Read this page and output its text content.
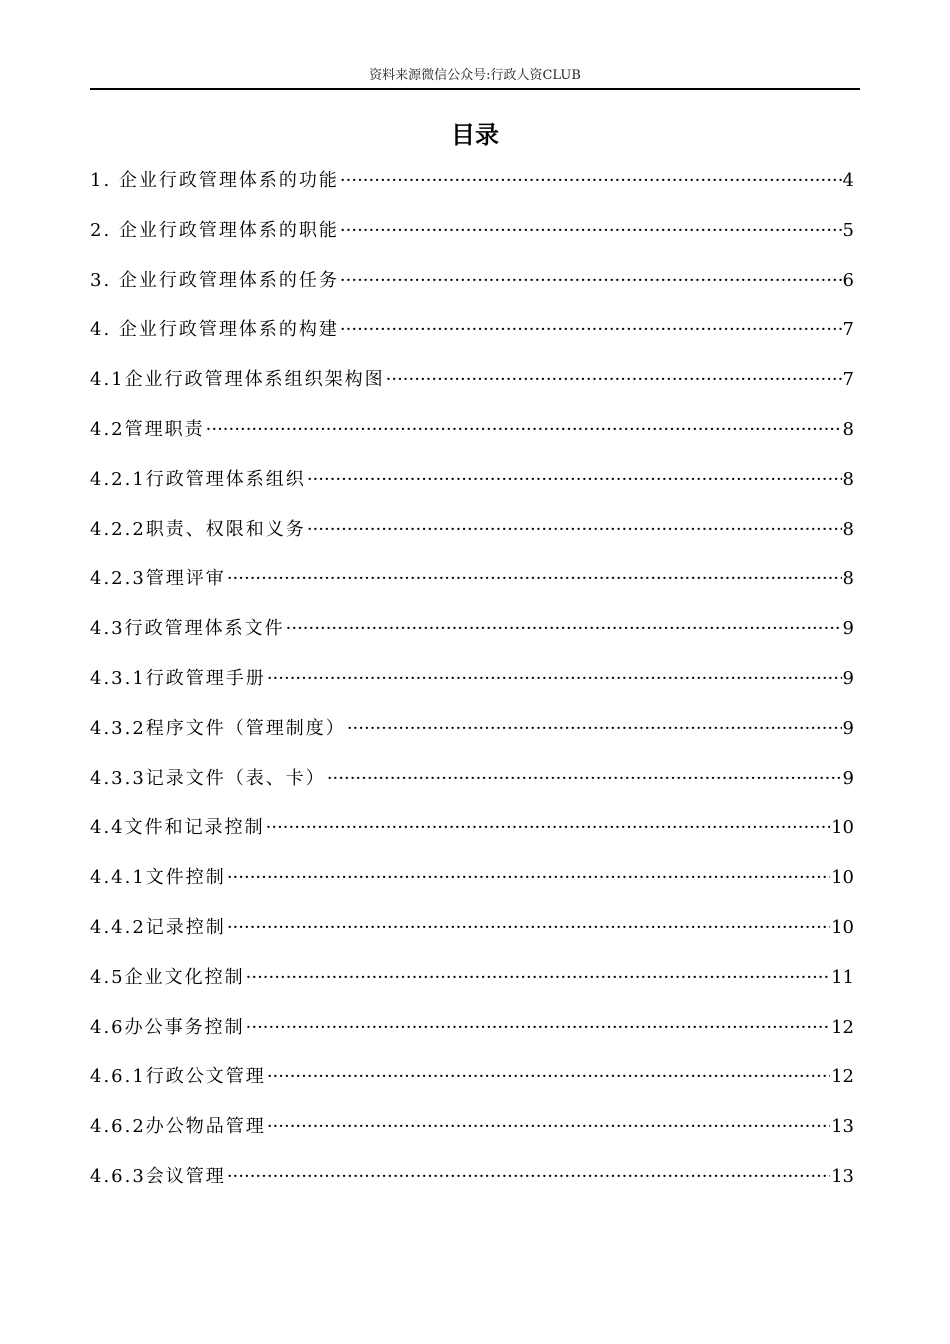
资料来源微信公众号:行政人资CLUB
目录
1. 企业行政管理体系的功能 ·····	4
2. 企业行政管理体系的职能 ·····	5
3. 企业行政管理体系的任务 ·····	6
4. 企业行政管理体系的构建 ·····	7
4.1企业行政管理体系组织架构图 ·····	7
4.2管理职责 ·····	8
4.2.1行政管理体系组织 ·····	8
4.2.2职责、权限和义务 ·····	8
4.2.3管理评审 ·····	8
4.3行政管理体系文件 ·····	9
4.3.1行政管理手册 ·····	9
4.3.2程序文件（管理制度） ·····	9
4.3.3记录文件（表、卡） ·····	9
4.4文件和记录控制 ·····	10
4.4.1文件控制 ·····	10
4.4.2记录控制 ·····	10
4.5企业文化控制 ·····	11
4.6办公事务控制 ·····	12
4.6.1行政公文管理 ·····	12
4.6.2办公物品管理 ·····	13
4.6.3会议管理 ·····	13
